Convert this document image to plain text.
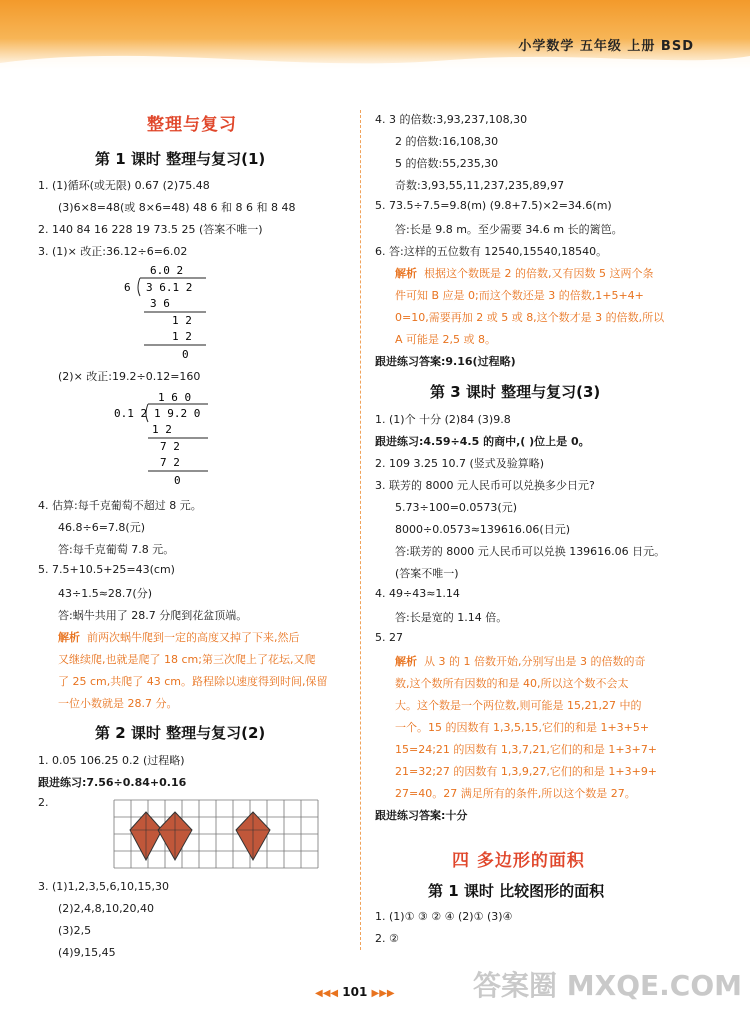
小学数学 五年级 上册 BSD
整理与复习
第 1 课时 整理与复习(1)
1. (1)循环(或无限) 0.67 (2)75.48
(3)6×8=48(或 8×6=48) 48 6 和 8 6 和 8 48
2. 140 84 16 228 19 73.5 25 (答案不唯一)
3. (1)× 改正:36.12÷6=6.02
6.0 2
6 3 6.1 2
3 6
1 2
1 2
0
(2)× 改正:19.2÷0.12=160
1 6 0
0.1 2 1 9.2 0
1 2
7 2
7 2
0
4. 估算:每千克葡萄不超过 8 元。
46.8÷6=7.8(元)
答:每千克葡萄 7.8 元。
5. 7.5+10.5+25=43(cm)
43÷1.5≈28.7(分)
答:蜗牛共用了 28.7 分爬到花盆顶端。
解析 前两次蜗牛爬到一定的高度又掉了下来,然后
又继续爬,也就是爬了 18 cm;第三次爬上了花坛,又爬
了 25 cm,共爬了 43 cm。路程除以速度得到时间,保留
一位小数就是 28.7 分。
第 2 课时 整理与复习(2)
1. 0.05 106.25 0.2 (过程略)
跟进练习:7.56÷0.84+0.16
2.
3. (1)1,2,3,5,6,10,15,30
(2)2,4,8,10,20,40
(3)2,5
(4)9,15,45
4. 3 的倍数:3,93,237,108,30
2 的倍数:16,108,30
5 的倍数:55,235,30
奇数:3,93,55,11,237,235,89,97
5. 73.5÷7.5=9.8(m) (9.8+7.5)×2=34.6(m)
答:长是 9.8 m。至少需要 34.6 m 长的篱笆。
6. 答:这样的五位数有 12540,15540,18540。
解析 根据这个数既是 2 的倍数,又有因数 5 这两个条
件可知 B 应是 0;而这个数还是 3 的倍数,1+5+4+
0=10,需要再加 2 或 5 或 8,这个数才是 3 的倍数,所以
A 可能是 2,5 或 8。
跟进练习答案:9.16(过程略)
第 3 课时 整理与复习(3)
1. (1)个 十分 (2)84 (3)9.8
跟进练习:4.59÷4.5 的商中,( )位上是 0。
2. 109 3.25 10.7 (竖式及验算略)
3. 联芳的 8000 元人民币可以兑换多少日元?
5.73÷100=0.0573(元)
8000÷0.0573≈139616.06(日元)
答:联芳的 8000 元人民币可以兑换 139616.06 日元。
(答案不唯一)
4. 49÷43≈1.14
答:长是宽的 1.14 倍。
5. 27
解析 从 3 的 1 倍数开始,分别写出是 3 的倍数的奇
数,这个数所有因数的和是 40,所以这个数不会太
大。这个数是一个两位数,则可能是 15,21,27 中的
一个。15 的因数有 1,3,5,15,它们的和是 1+3+5+
15=24;21 的因数有 1,3,7,21,它们的和是 1+3+7+
21=32;27 的因数有 1,3,9,27,它们的和是 1+3+9+
27=40。27 满足所有的条件,所以这个数是 27。
跟进练习答案:十分
四 多边形的面积
第 1 课时 比较图形的面积
1. (1)① ③ ② ④ (2)① (3)④
2. ②
◀◀◀ 101 ▶▶▶	答案圈 MXQE.COM
